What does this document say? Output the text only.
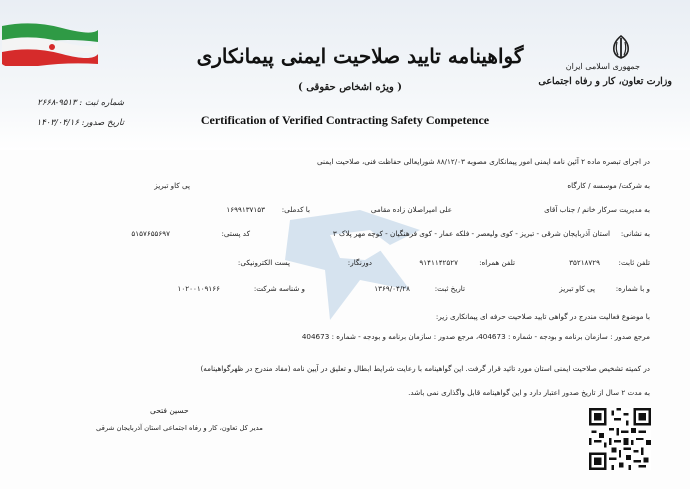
جمهوری اسلامی ایران
وزارت تعاون، کار و رفاه اجتماعی
گواهینامه تایید صلاحیت ایمنی پیمانکاری
( ویژه اشخاص حقوقی )
Certification of Verified Contracting Safety Competence
شماره ثبت : ۹۵۱۳-۲۶۶۸
تاریخ صدور: ۱۴۰۳/۰۴/۱۶
در اجرای تبصره ماده ۲ آئین نامه ایمنی امور پیمانکاری مصوبه ۸۸/۱۲/۰۳ شورایعالی حفاظت فنی، صلاحیت ایمنی
به شرکت/ موسسه / کارگاه
پی کاو تبریز
به مدیریت سرکار خانم / جناب آقای
علی امیراصلان زاده مقامی
با کدملی:
۱۶۹۹۱۳۷۱۵۳
به نشانی:
استان آذربایجان شرقی - تبریز - کوی ولیعصر - فلکه عمار - کوی فرهنگیان - کوچه مهر پلاک ۳
کد پستی:
۵۱۵۷۶۵۵۶۹۷
تلفن ثابت:
۳۵۲۱۸۷۲۹
تلفن همراه:
۹۱۴۱۱۴۲۵۲۷
دورنگار:
پست الکترونیکی:
و با شماره:
پی کاو تبریز
تاریخ ثبت:
۱۳۶۹/۰۴/۲۸
و شناسه شرکت:
۱۰۲۰۰۱۰۹۱۶۶
با موضوع فعالیت مندرج در گواهی تایید صلاحیت حرفه ای پیمانکاری زیر:
مرجع صدور : سازمان برنامه و بودجه - شماره : 404673، مرجع صدور : سازمان برنامه و بودجه - شماره : 404673
در کمیته تشخیص صلاحیت ایمنی استان مورد تائید قرار گرفت. این گواهینامه با رعایت شرایط ابطال و تعلیق در آیین نامه (مفاد مندرج در ظهرگواهینامه)
به مدت ۲ سال از تاریخ صدور اعتبار دارد و این گواهینامه قابل واگذاری نمی باشد.
حسین فتحی
مدیر کل تعاون، کار و رفاه اجتماعی استان آذربایجان شرقی
